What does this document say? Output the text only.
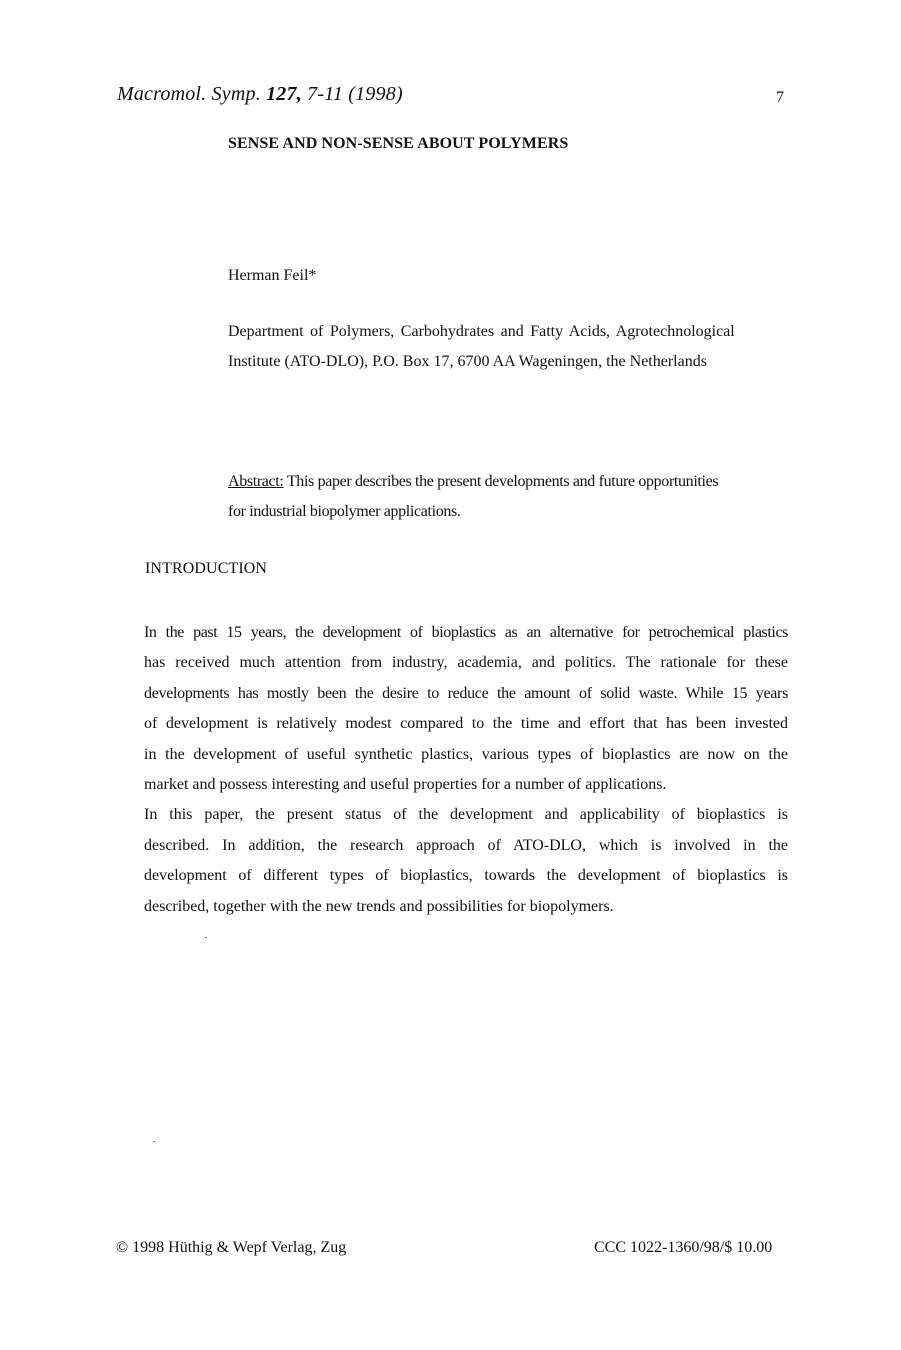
Macromol. Symp. 127, 7-11 (1998)	7
SENSE AND NON-SENSE ABOUT POLYMERS
Herman Feil*

Department of Polymers, Carbohydrates and Fatty Acids, Agrotechnological

Institute (ATO-DLO), P.O. Box 17, 6700 AA Wageningen, the Netherlands

Abstract: This paper describes the present developments and future opportunities

for industrial biopolymer applications.

INTRODUCTION
In the past 15 years, the development of bioplastics as an alternative for petrochemical plastics
has received much attention from industry, academia, and politics. The rationale for these
developments has mostly been the desire to reduce the amount of solid waste. While 15 years
of development is relatively modest compared to the time and effort that has been invested
in the development of useful synthetic plastics, various types of bioplastics are now on the
market and possess interesting and useful properties for a number of applications.
In this paper, the present status of the development and applicability of bioplastics is
described. In addition, the research approach of ATO-DLO, which is involved in the
development of different types of bioplastics, towards the development of bioplastics is
described, together with the new trends and possibilities for biopolymers.
© 1998 Hüthig & Wepf Verlag, Zug	CCC 1022-1360/98/$ 10.00
